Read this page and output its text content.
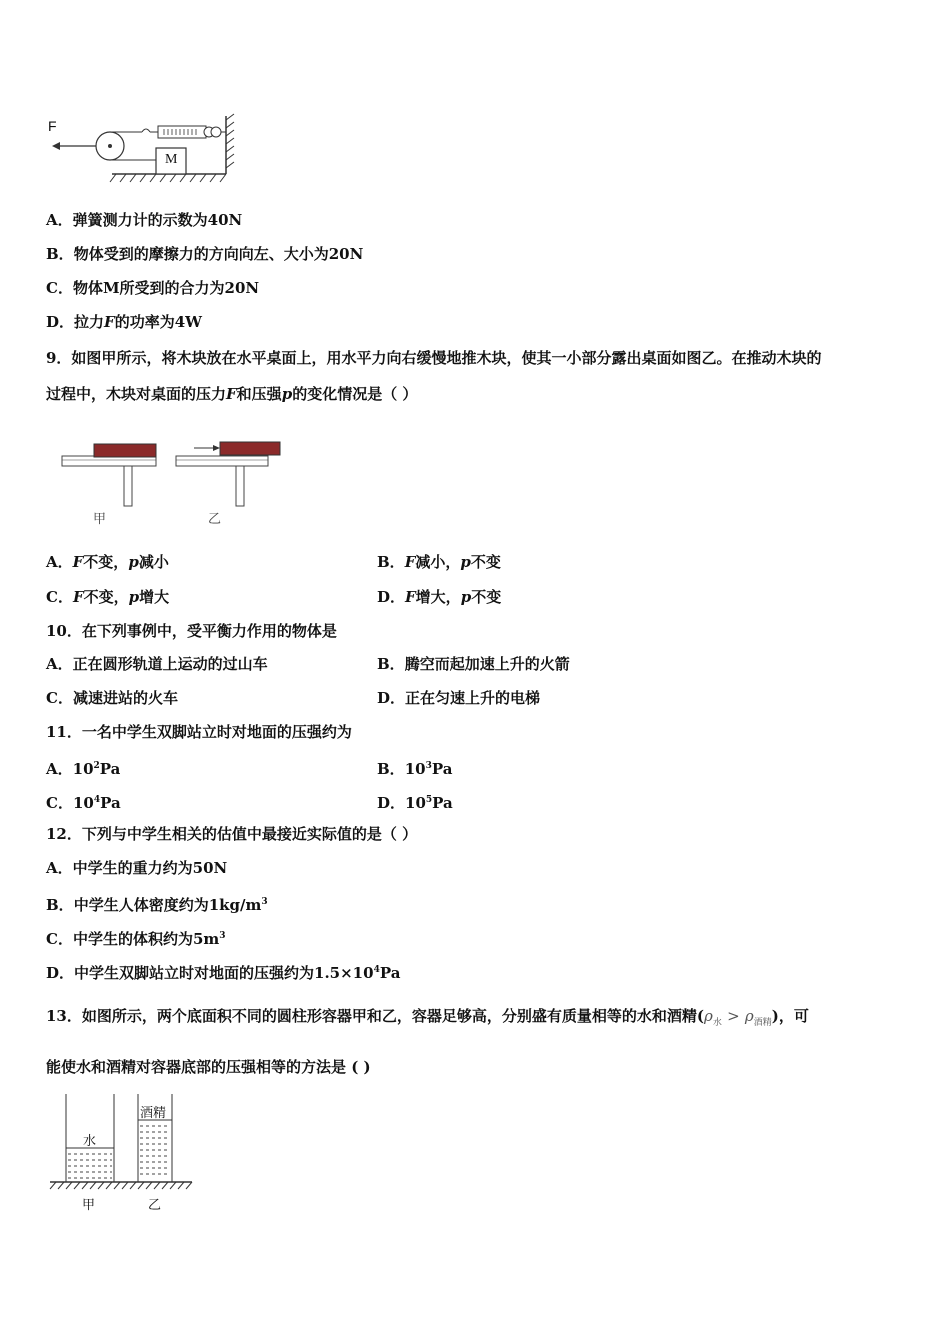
F
M
A．弹簧测力计的示数为40N
B．物体受到的摩擦力的方向向左、大小为20N
C．物体M所受到的合力为20N
D．拉力F的功率为4W
9．如图甲所示，将木块放在水平桌面上，用水平力向右缓慢地推木块，使其一小部分露出桌面如图乙。在推动木块的
过程中，木块对桌面的压力F和压强p的变化情况是（ ）
甲	乙
A．F不变，p减小	B．F减小，p不变
C．F不变，p增大	D．F增大，p不变
10．在下列事例中，受平衡力作用的物体是
A．正在圆形轨道上运动的过山车	B．腾空而起加速上升的火箭
C．减速进站的火车	D．正在匀速上升的电梯
11．一名中学生双脚站立时对地面的压强约为
A．$10^2Pa$	B．$10^3Pa$
C．$10^4Pa$	D．$10^5Pa$
12．下列与中学生相关的估值中最接近实际值的是（ ）
A．中学生的重力约为50N
B．中学生人体密度约为$1kg/m^3$
C．中学生的体积约为$5m^3$
D．中学生双脚站立时对地面的压强约为$1.5\times 10^4Pa$
13．如图所示，两个底面积不同的圆柱形容器甲和乙，容器足够高，分别盛有质量相等的水和酒精$(\rho_水 > \rho_{酒精})$，可
能使水和酒精对容器底部的压强相等的方法是 ( )
水
酒精
甲	乙
